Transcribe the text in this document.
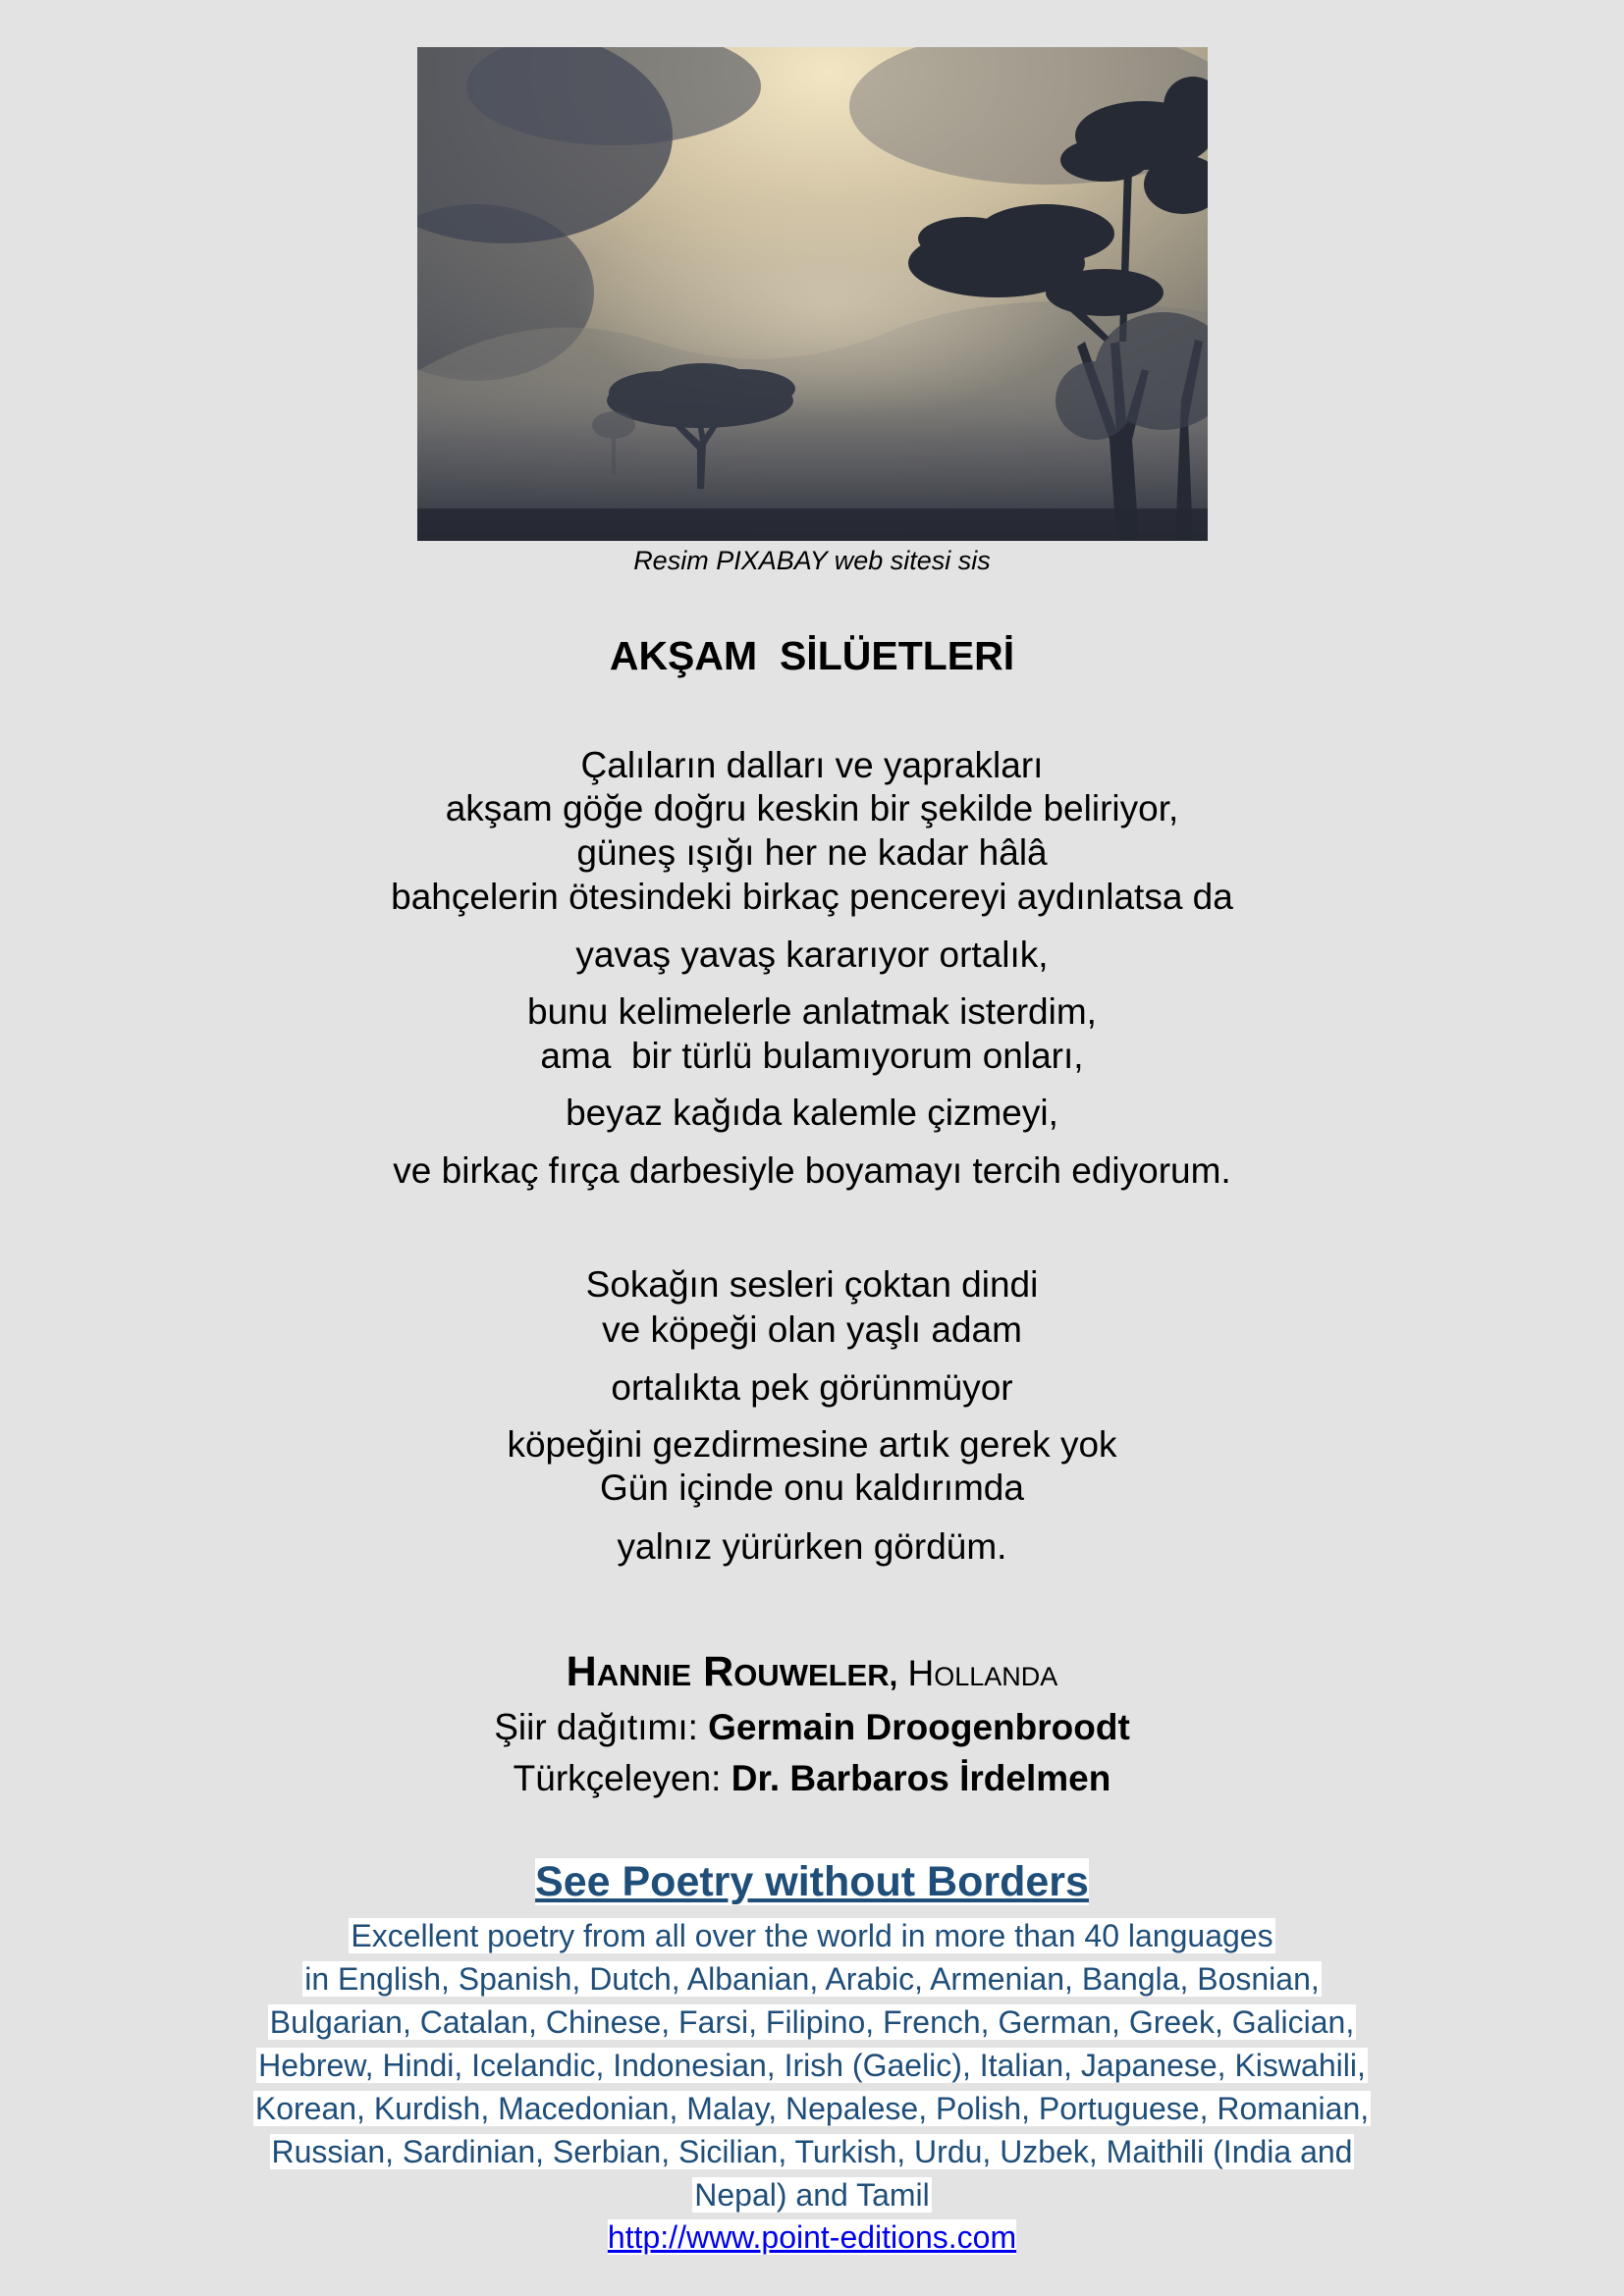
Resim PIXABAY web sitesi sis
AKŞAM  SİLÜETLERİ
Çalıların dalları ve yaprakları
akşam göğe doğru keskin bir şekilde beliriyor,
güneş ışığı her ne kadar hâlâ
bahçelerin ötesindeki birkaç pencereyi aydınlatsa da
yavaş yavaş kararıyor ortalık,
bunu kelimelerle anlatmak isterdim,
ama  bir türlü bulamıyorum onları,
beyaz kağıda kalemle çizmeyi,
ve birkaç fırça darbesiyle boyamayı tercih ediyorum.
Sokağın sesleri çoktan dindi
ve köpeği olan yaşlı adam
ortalıkta pek görünmüyor
köpeğini gezdirmesine artık gerek yok
Gün içinde onu kaldırımda
yalnız yürürken gördüm.
HANNIE ROUWELER, HOLLANDA
Şiir dağıtımı: Germain Droogenbroodt
Türkçeleyen: Dr. Barbaros İrdelmen
See Poetry without Borders
Excellent poetry from all over the world in more than 40 languages
in English, Spanish, Dutch, Albanian, Arabic, Armenian, Bangla, Bosnian,
Bulgarian, Catalan, Chinese, Farsi, Filipino, French, German, Greek, Galician,
Hebrew, Hindi, Icelandic, Indonesian, Irish (Gaelic), Italian, Japanese, Kiswahili,
Korean, Kurdish, Macedonian, Malay, Nepalese, Polish, Portuguese, Romanian,
Russian, Sardinian, Serbian, Sicilian, Turkish, Urdu, Uzbek, Maithili (India and
Nepal) and Tamil
http://www.point-editions.com
